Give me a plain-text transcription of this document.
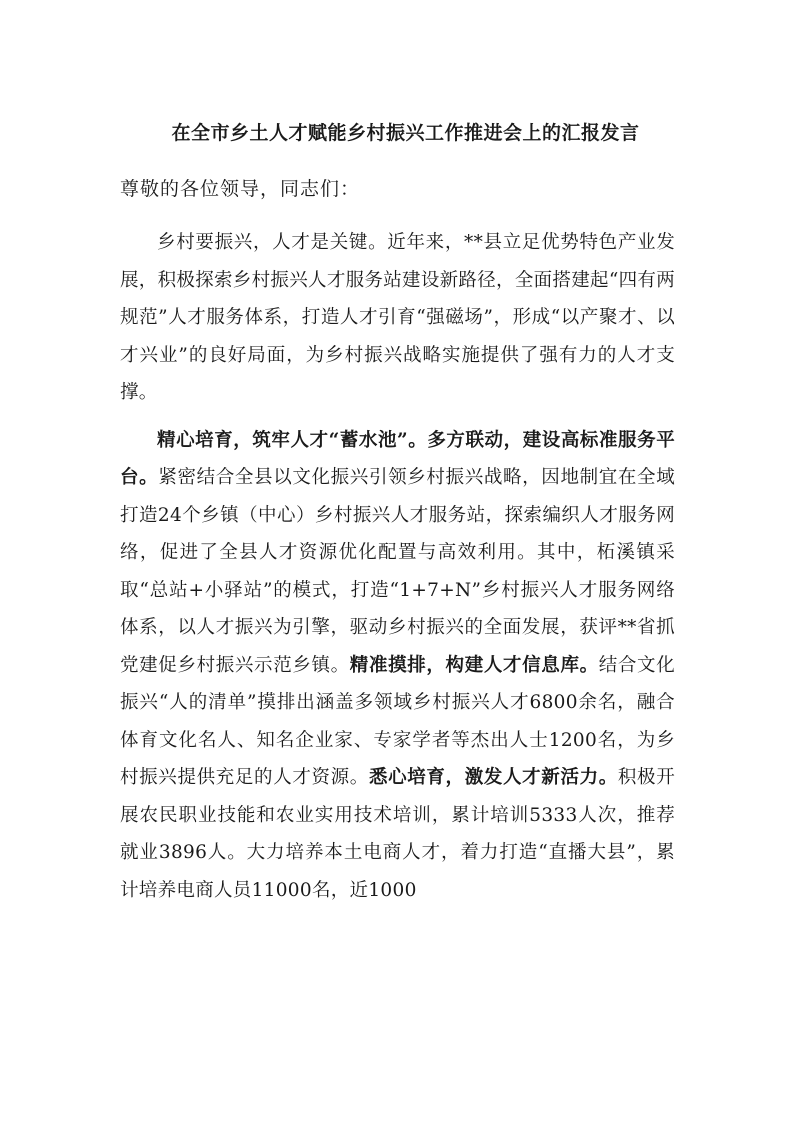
在全市乡土人才赋能乡村振兴工作推进会上的汇报发言

尊敬的各位领导，同志们：

乡村要振兴，人才是关键。近年来，**县立足优势特色产业发展，积极探索乡村振兴人才服务站建设新路径，全面搭建起“四有两规范”人才服务体系，打造人才引育“强磁场”，形成“以产聚才、以才兴业”的良好局面，为乡村振兴战略实施提供了强有力的人才支撑。

精心培育，筑牢人才“蓄水池”。多方联动，建设高标准服务平台。紧密结合全县以文化振兴引领乡村振兴战略，因地制宜在全域打造24个乡镇（中心）乡村振兴人才服务站，探索编织人才服务网络，促进了全县人才资源优化配置与高效利用。其中，柘溪镇采取“总站+小驿站”的模式，打造“1+7+N”乡村振兴人才服务网络体系，以人才振兴为引擎，驱动乡村振兴的全面发展，获评**省抓党建促乡村振兴示范乡镇。精准摸排，构建人才信息库。结合文化振兴“人的清单”摸排出涵盖多领域乡村振兴人才6800余名，融合体育文化名人、知名企业家、专家学者等杰出人士1200名，为乡村振兴提供充足的人才资源。悉心培育，激发人才新活力。积极开展农民职业技能和农业实用技术培训，累计培训5333人次，推荐就业3896人。大力培养本土电商人才，着力打造“直播大县”，累计培养电商人员11000名，近1000
